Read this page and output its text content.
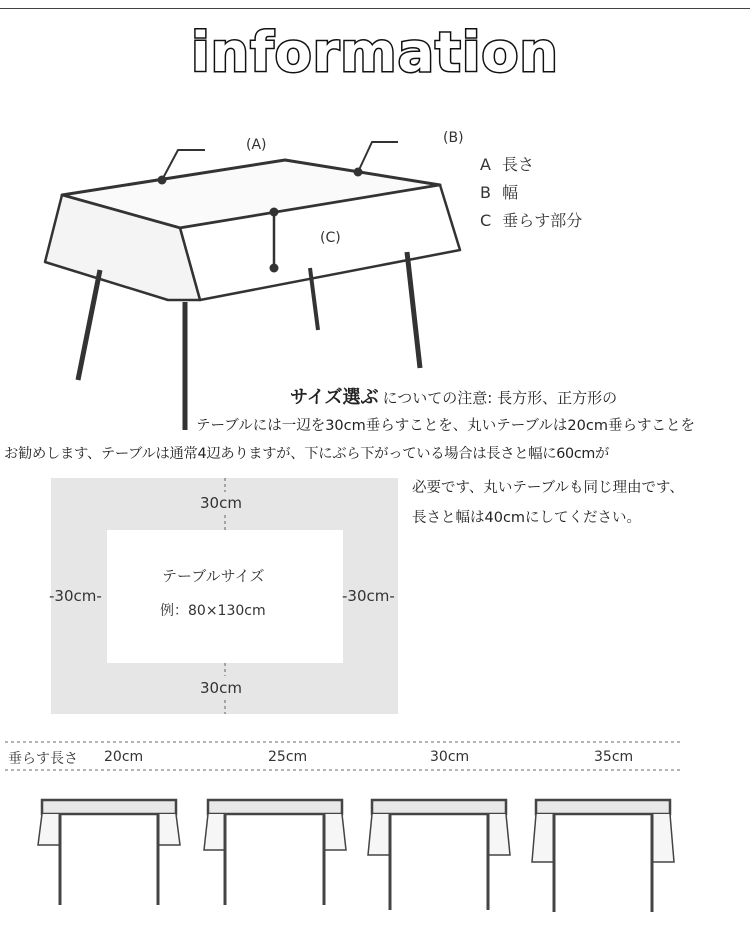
information
(A)	(B)
(C)
A 長さ
B 幅
C 垂らす部分
サイズ選ぶ についての注意: 長方形、正方形の
テーブルには一辺を30cm垂らすことを、丸いテーブルは20cm垂らすことを
お勧めします、テーブルは通常4辺ありますが、下にぶら下がっている場合は長さと幅に60cmが
必要です、丸いテーブルも同じ理由です、
長さと幅は40cmにしてください。
30cm
30cm
-30cm-	-30cm-
テーブルサイズ
例：80×130cm
垂らす長さ 20cm	25cm	30cm	35cm
